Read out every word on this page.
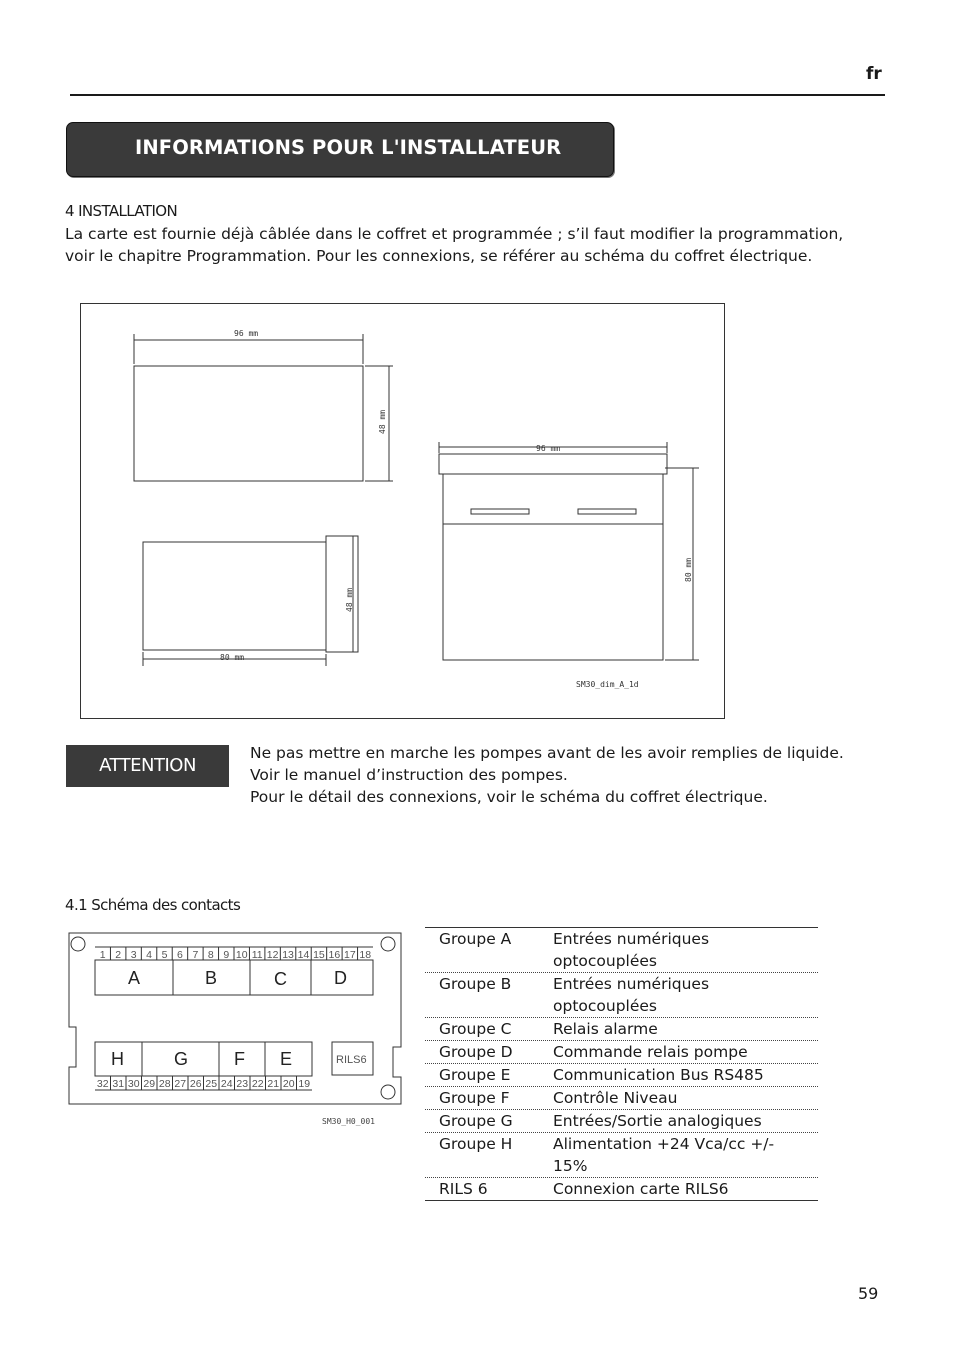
fr
INFORMATIONS POUR L'INSTALLATEUR
4 INSTALLATION
La carte est fournie déjà câblée dans le coffret et programmée ; s’il faut modifier la programmation, voir le chapitre Programmation. Pour les connexions, se référer au schéma du coffret électrique.
96 mm
48 mm
80 mm
48 mm
96 mm
80 mm
SM30_dim_A_1d
ATTENTION
Ne pas mettre en marche les pompes avant de les avoir remplies de liquide. Voir le manuel d’instruction des pompes.
Pour le détail des connexions, voir le schéma du coffret électrique.
4.1 Schéma des contacts
1 2 3 4 5 6 7 8 9 10 11 12 13 14 15 16 17 18
32 31 30 29 28 27 26 25 24 23 22 21 20 19
A	B	C	D
H	G	F E	RILS6
SM30_H0_001
Groupe A	Entrées numériques optocouplées
Groupe B	Entrées numériques optocouplées
Groupe C	Relais alarme
Groupe D	Commande relais pompe
Groupe E	Communication Bus RS485
Groupe F	Contrôle Niveau
Groupe G	Entrées/Sortie analogiques
Groupe H	Alimentation +24 Vca/cc +/- 15%
RILS 6	Connexion carte RILS6
59
